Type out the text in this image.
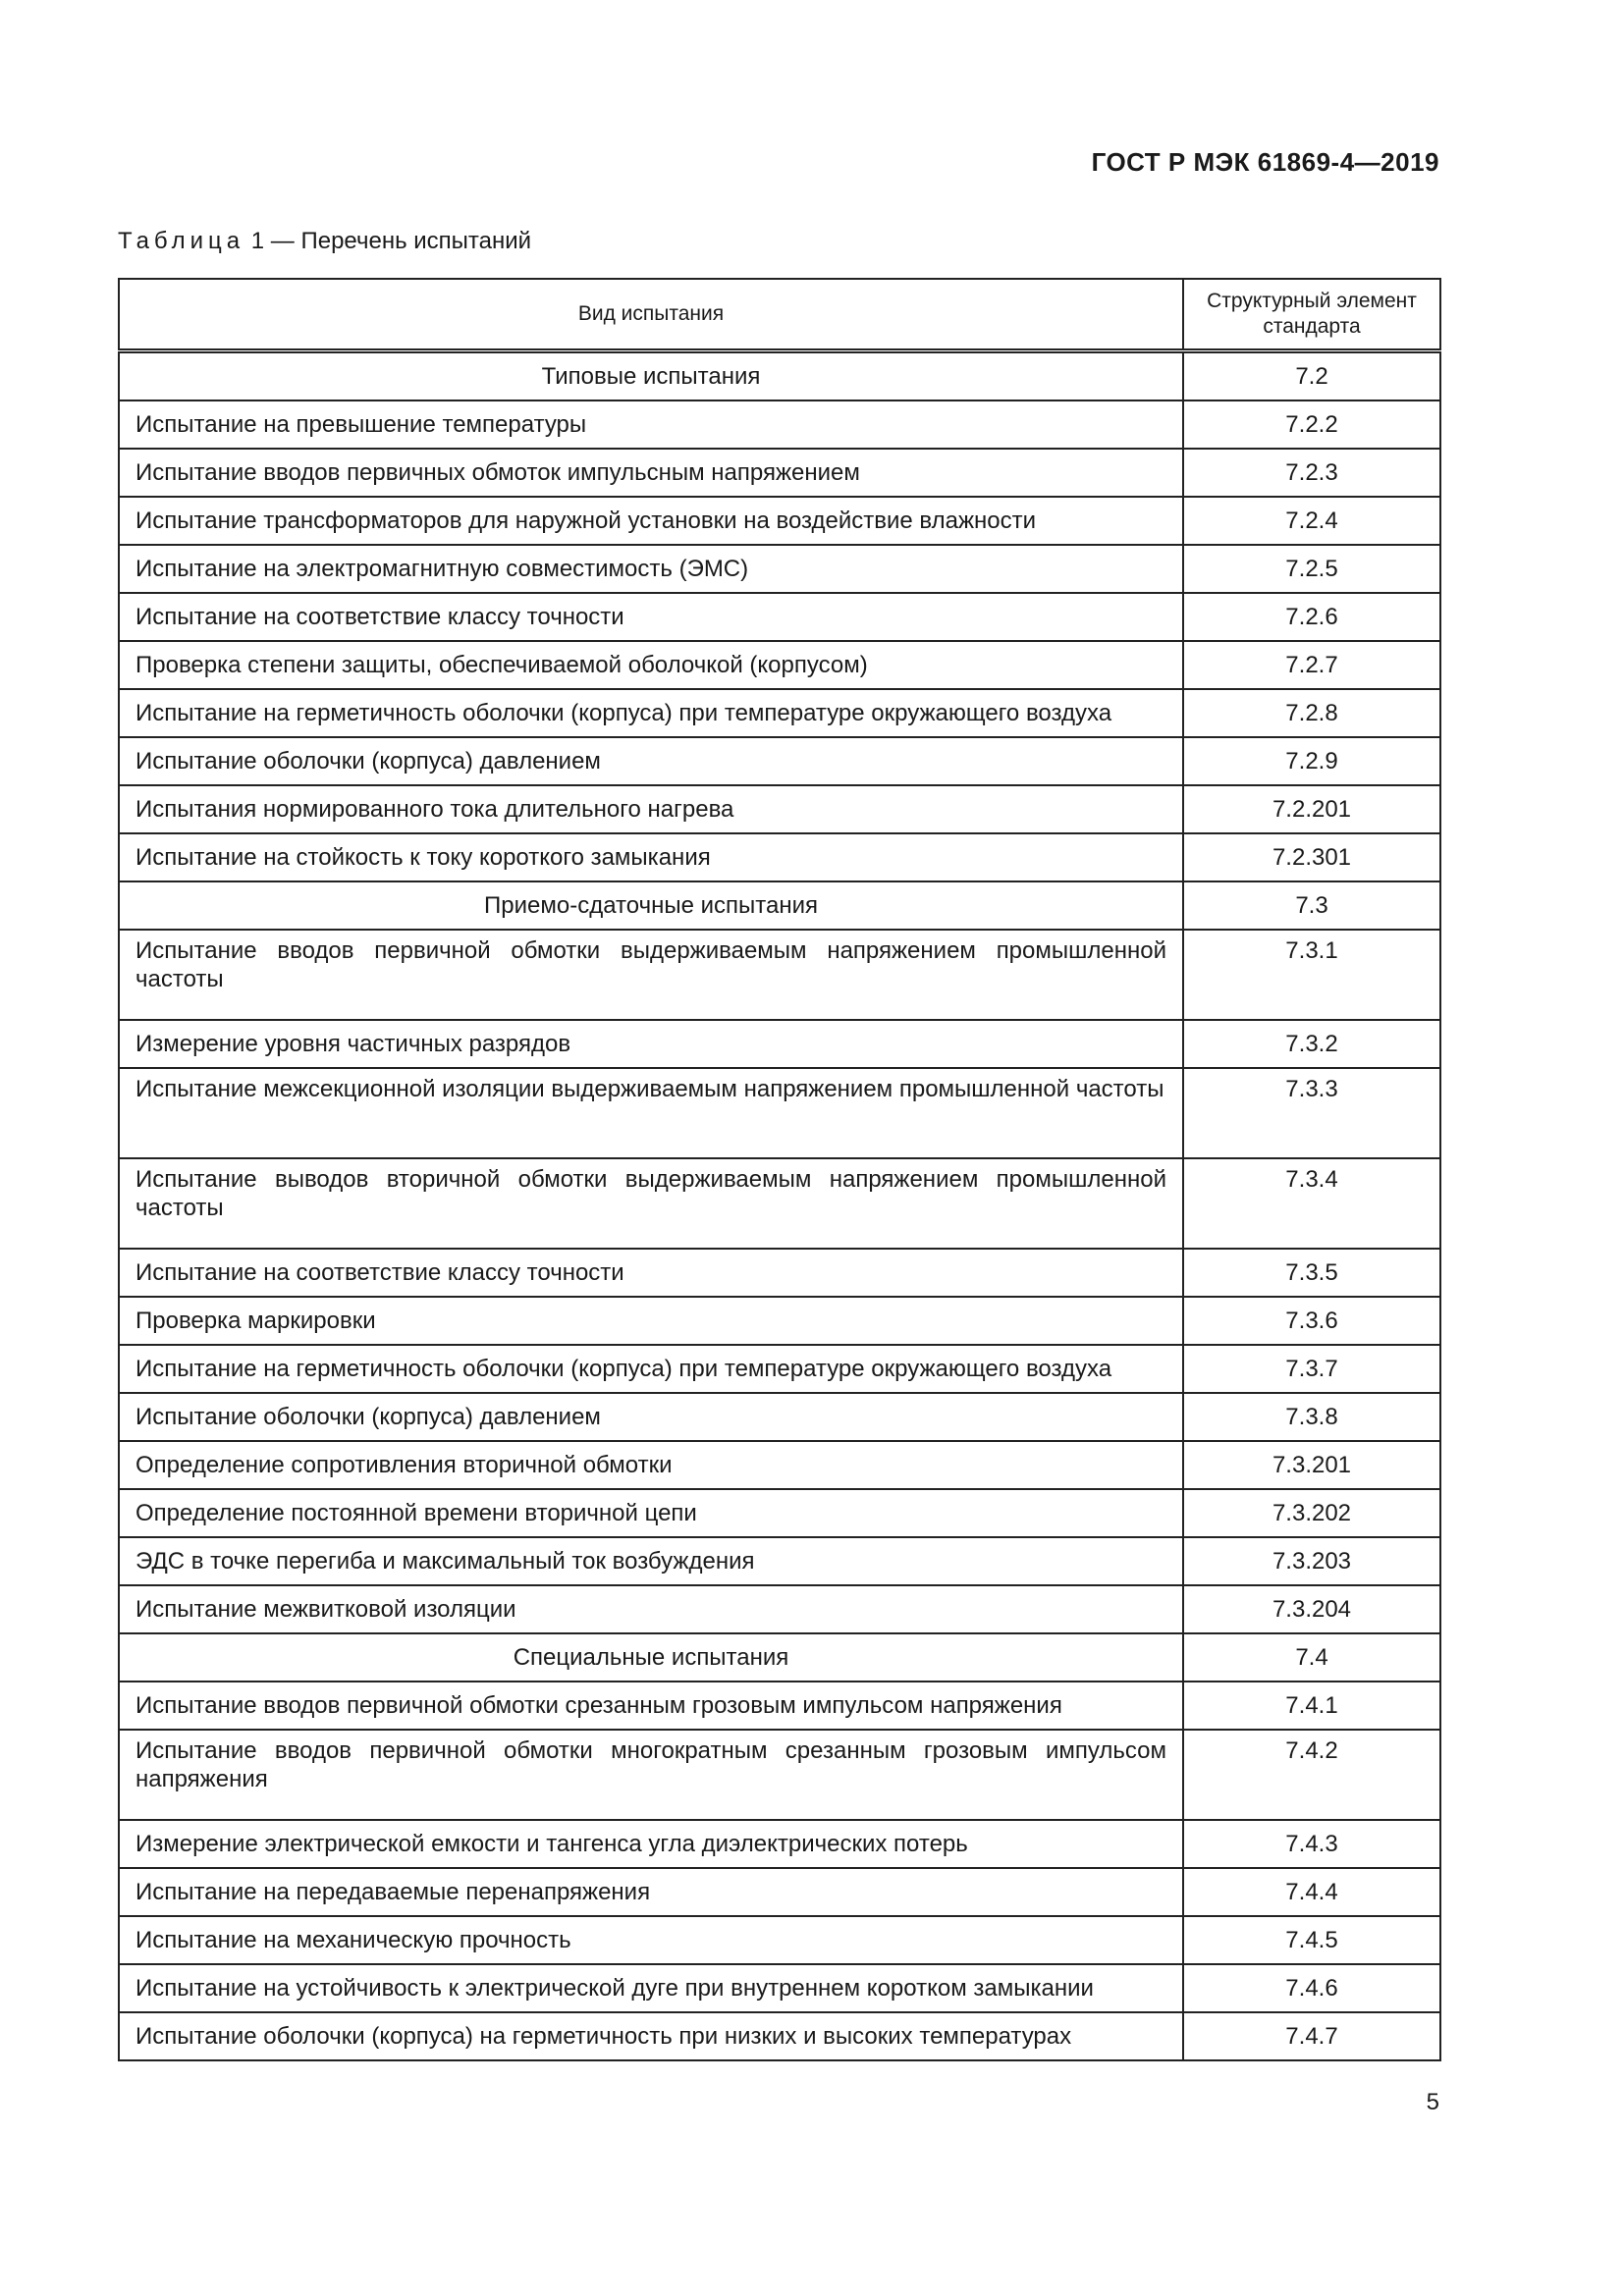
ГОСТ Р МЭК 61869-4—2019
Таблица 1 — Перечень испытаний
Вид испытания	Структурный элемент стандарта
Типовые испытания	7.2
Испытание на превышение температуры	7.2.2
Испытание вводов первичных обмоток импульсным напряжением	7.2.3
Испытание трансформаторов для наружной установки на воздействие влажности	7.2.4
Испытание на электромагнитную совместимость (ЭМС)	7.2.5
Испытание на соответствие классу точности	7.2.6
Проверка степени защиты, обеспечиваемой оболочкой (корпусом)	7.2.7
Испытание на герметичность оболочки (корпуса) при температуре окружающего воздуха	7.2.8
Испытание оболочки (корпуса) давлением	7.2.9
Испытания нормированного тока длительного нагрева	7.2.201
Испытание на стойкость к току короткого замыкания	7.2.301
Приемо-сдаточные испытания	7.3
Испытание вводов первичной обмотки выдерживаемым напряжением промышленной частоты	7.3.1
Измерение уровня частичных разрядов	7.3.2
Испытание межсекционной изоляции выдерживаемым напряжением промышленной частоты	7.3.3
Испытание выводов вторичной обмотки выдерживаемым напряжением промышленной частоты	7.3.4
Испытание на соответствие классу точности	7.3.5
Проверка маркировки	7.3.6
Испытание на герметичность оболочки (корпуса) при температуре окружающего воздуха	7.3.7
Испытание оболочки (корпуса) давлением	7.3.8
Определение сопротивления вторичной обмотки	7.3.201
Определение постоянной времени вторичной цепи	7.3.202
ЭДС в точке перегиба и максимальный ток возбуждения	7.3.203
Испытание межвитковой изоляции	7.3.204
Специальные испытания	7.4
Испытание вводов первичной обмотки срезанным грозовым импульсом напряжения	7.4.1
Испытание вводов первичной обмотки многократным срезанным грозовым импульсом напряжения	7.4.2
Измерение электрической емкости и тангенса угла диэлектрических потерь	7.4.3
Испытание на передаваемые перенапряжения	7.4.4
Испытание на механическую прочность	7.4.5
Испытание на устойчивость к электрической дуге при внутреннем коротком замыкании	7.4.6
Испытание оболочки (корпуса) на герметичность при низких и высоких температурах	7.4.7
5
